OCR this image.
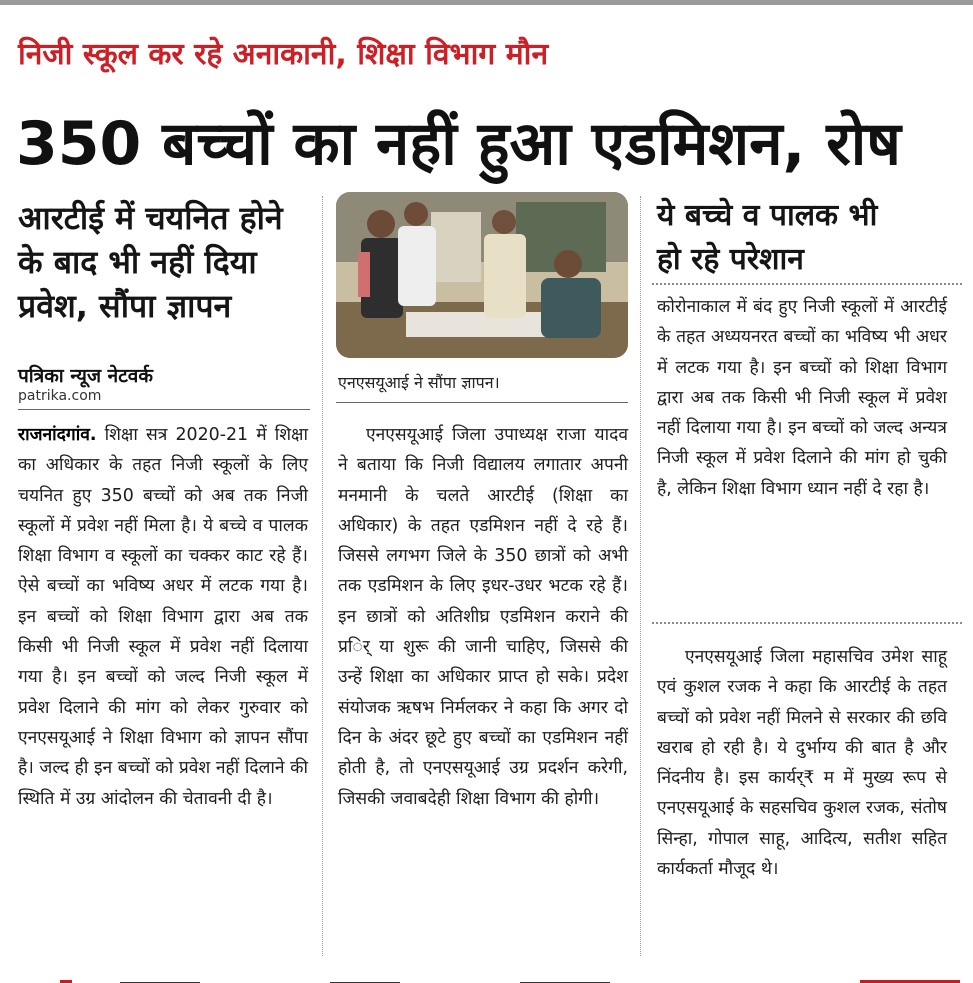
निजी स्कूल कर रहे अनाकानी, शिक्षा विभाग मौन
350 बच्चों का नहीं हुआ एडमिशन, रोष
आरटीई में चयनित होने
के बाद भी नहीं दिया
प्रवेश, सौंपा ज्ञापन
पत्रिका न्यूज नेटवर्क
patrika.com
राजनांदगांव. शिक्षा सत्र 2020-21 में शिक्षा का अधिकार के तहत निजी स्कूलों के लिए चयनित हुए 350 बच्चों को अब तक निजी स्कूलों में प्रवेश नहीं मिला है। ये बच्चे व पालक शिक्षा विभाग व स्कूलों का चक्कर काट रहे हैं। ऐसे बच्चों का भविष्य अधर में लटक गया है। इन बच्चों को शिक्षा विभाग द्वारा अब तक किसी भी निजी स्कूल में प्रवेश नहीं दिलाया गया है। इन बच्चों को जल्द निजी स्कूल में प्रवेश दिलाने की मांग को लेकर गुरुवार को एनएसयूआई ने शिक्षा विभाग को ज्ञापन सौंपा है। जल्द ही इन बच्चों को प्रवेश नहीं दिलाने की स्थिति में उग्र आंदोलन की चेतावनी दी है।
एनएसयूआई ने सौंपा ज्ञापन।
एनएसयूआई जिला उपाध्यक्ष राजा यादव ने बताया कि निजी विद्यालय लगातार अपनी मनमानी के चलते आरटीई (शिक्षा का अधिकार) के तहत एडमिशन नहीं दे रहे हैं। जिससे लगभग जिले के 350 छात्रों को अभी तक एडमिशन के लिए इधर-उधर भटक रहे हैं। इन छात्रों को अतिशीघ्र एडमिशन कराने की प्रर्ि या शुरू की जानी चाहिए, जिससे की उन्हें शिक्षा का अधिकार प्राप्त हो सके। प्रदेश संयोजक ऋषभ निर्मलकर ने कहा कि अगर दो दिन के अंदर छूटे हुए बच्चों का एडमिशन नहीं होती है, तो एनएसयूआई उग्र प्रदर्शन करेगी, जिसकी जवाबदेही शिक्षा विभाग की होगी।
ये बच्चे व पालक भी
हो रहे परेशान
कोरोनाकाल में बंद हुए निजी स्कूलों में आरटीई के तहत अध्ययनरत बच्चों का भविष्य भी अधर में लटक गया है। इन बच्चों को शिक्षा विभाग द्वारा अब तक किसी भी निजी स्कूल में प्रवेश नहीं दिलाया गया है। इन बच्चों को जल्द अन्यत्र निजी स्कूल में प्रवेश दिलाने की मांग हो चुकी है, लेकिन शिक्षा विभाग ध्यान नहीं दे रहा है।
एनएसयूआई जिला महासचिव उमेश साहू एवं कुशल रजक ने कहा कि आरटीई के तहत बच्चों को प्रवेश नहीं मिलने से सरकार की छवि खराब हो रही है। ये दुर्भाग्य की बात है और निंदनीय है। इस कार्यर्₹ म में मुख्य रूप से एनएसयूआई के सहसचिव कुशल रजक, संतोष सिन्हा, गोपाल साहू, आदित्य, सतीश सहित कार्यकर्ता मौजूद थे।
